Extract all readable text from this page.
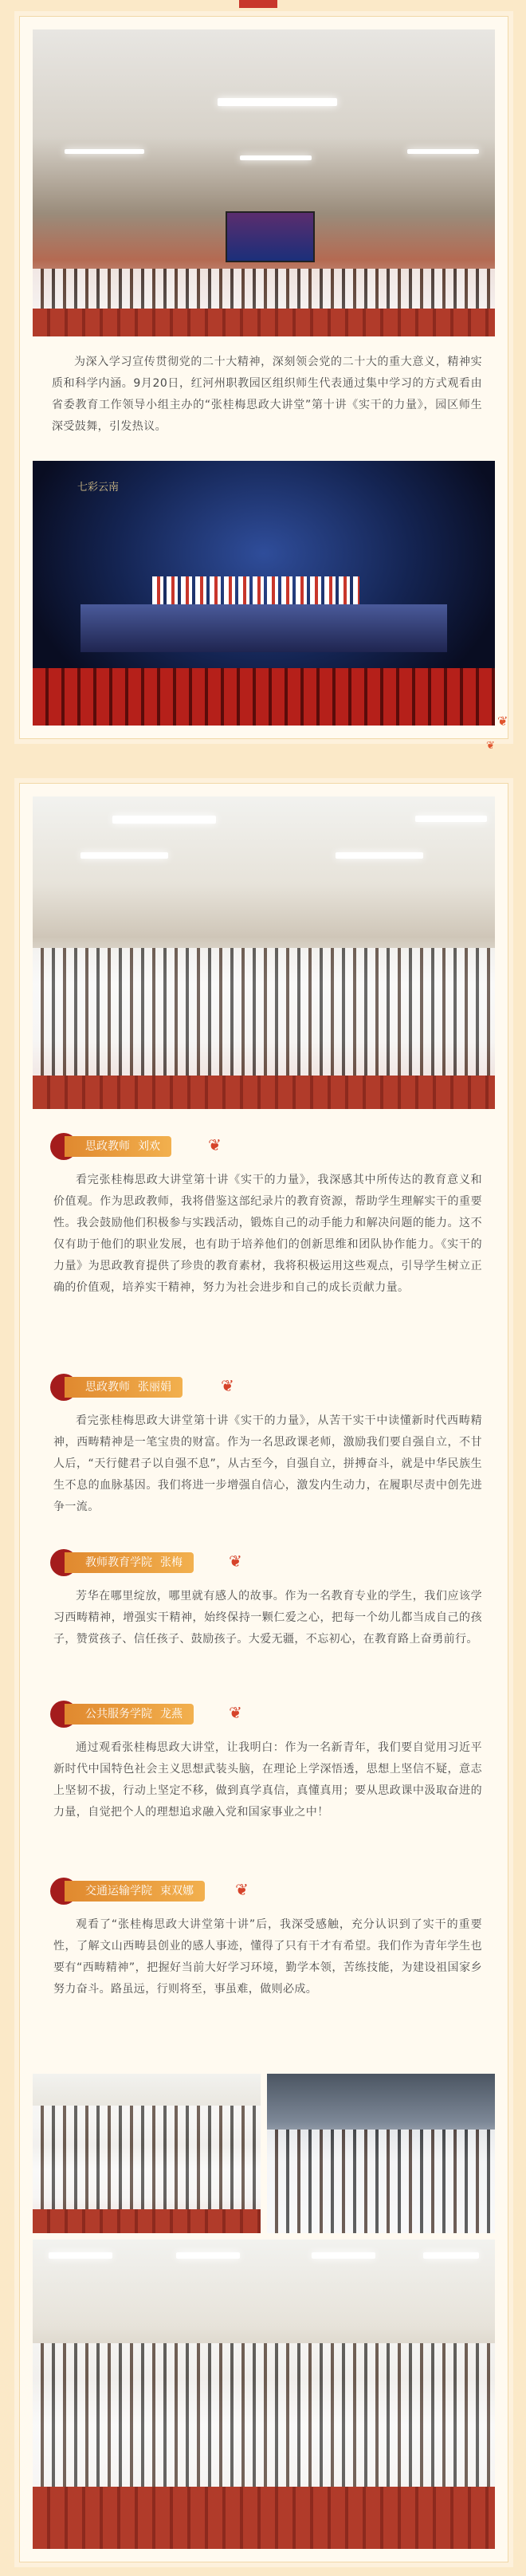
为深入学习宣传贯彻党的二十大精神，深刻领会党的二十大的重大意义，精神实质和科学内涵。9月20日，红河州职教园区组织师生代表通过集中学习的方式观看由省委教育工作领导小组主办的“张桂梅思政大讲堂”第十讲《实干的力量》，园区师生深受鼓舞，引发热议。

七彩云南
❦
❦
思政教师 刘欢	❦

看完张桂梅思政大讲堂第十讲《实干的力量》，我深感其中所传达的教育意义和价值观。作为思政教师，我将借鉴这部纪录片的教育资源，帮助学生理解实干的重要性。我会鼓励他们积极参与实践活动，锻炼自己的动手能力和解决问题的能力。这不仅有助于他们的职业发展，也有助于培养他们的创新思维和团队协作能力。《实干的力量》为思政教育提供了珍贵的教育素材，我将积极运用这些观点，引导学生树立正确的价值观，培养实干精神，努力为社会进步和自己的成长贡献力量。

思政教师 张丽娟	❦

看完张桂梅思政大讲堂第十讲《实干的力量》，从苦干实干中读懂新时代西畴精神，西畴精神是一笔宝贵的财富。作为一名思政课老师，激励我们要自强自立，不甘人后，“天行健君子以自强不息”，从古至今，自强自立，拼搏奋斗，就是中华民族生生不息的血脉基因。我们将进一步增强自信心，激发内生动力，在履职尽责中创先进争一流。

教师教育学院 张梅	❦

芳华在哪里绽放，哪里就有感人的故事。作为一名教育专业的学生，我们应该学习西畴精神，增强实干精神，始终保持一颗仁爱之心，把每一个幼儿都当成自己的孩子，赞赏孩子、信任孩子、鼓励孩子。大爱无疆，不忘初心，在教育路上奋勇前行。

公共服务学院 龙燕	❦

通过观看张桂梅思政大讲堂，让我明白：作为一名新青年，我们要自觉用习近平新时代中国特色社会主义思想武装头脑，在理论上学深悟透，思想上坚信不疑，意志上坚韧不拔，行动上坚定不移，做到真学真信，真懂真用；要从思政课中汲取奋进的力量，自觉把个人的理想追求融入党和国家事业之中！

交通运输学院 束双娜	❦

观看了“张桂梅思政大讲堂第十讲”后，我深受感触，充分认识到了实干的重要性，了解文山西畴县创业的感人事迹，懂得了只有干才有希望。我们作为青年学生也要有“西畴精神”，把握好当前大好学习环境，勤学本领，苦练技能，为建设祖国家乡努力奋斗。路虽远，行则将至，事虽难，做则必成。
